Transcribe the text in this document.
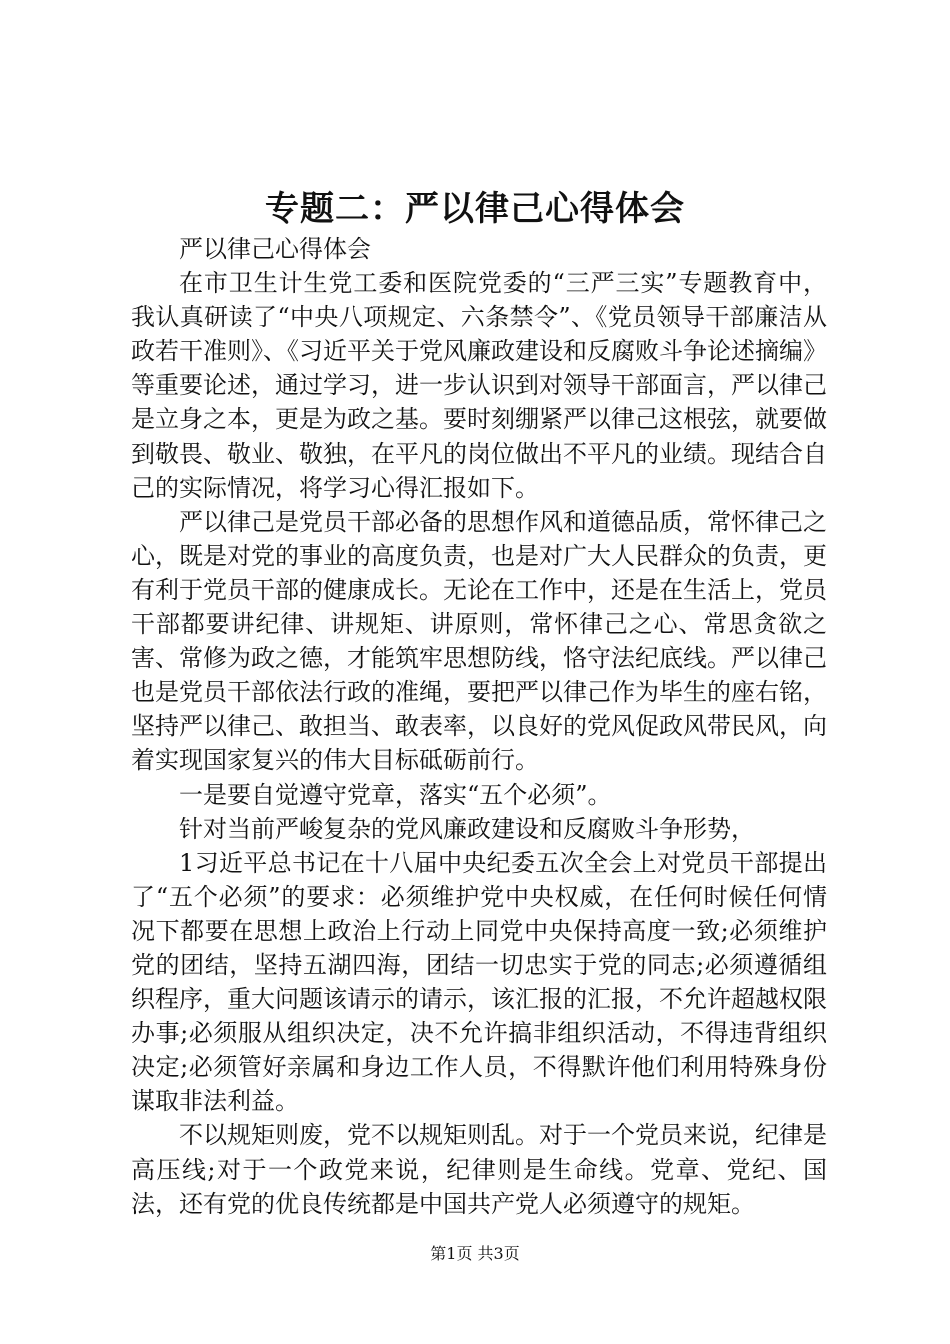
专题二：严以律己心得体会

严以律己心得体会

在市卫生计生党工委和医院党委的“三严三实”专题教育中，我认真研读了“中央八项规定、六条禁令”、《党员领导干部廉洁从政若干准则》、《习近平关于党风廉政建设和反腐败斗争论述摘编》等重要论述，通过学习，进一步认识到对领导干部面言，严以律己是立身之本，更是为政之基。要时刻绷紧严以律己这根弦，就要做到敬畏、敬业、敬独，在平凡的岗位做出不平凡的业绩。现结合自己的实际情况，将学习心得汇报如下。

严以律己是党员干部必备的思想作风和道德品质，常怀律己之心，既是对党的事业的高度负责，也是对广大人民群众的负责，更有利于党员干部的健康成长。无论在工作中，还是在生活上，党员干部都要讲纪律、讲规矩、讲原则，常怀律己之心、常思贪欲之害、常修为政之德，才能筑牢思想防线，恪守法纪底线。严以律己也是党员干部依法行政的准绳，要把严以律己作为毕生的座右铭，坚持严以律己、敢担当、敢表率，以良好的党风促政风带民风，向着实现国家复兴的伟大目标砥砺前行。

一是要自觉遵守党章，落实“五个必须”。

针对当前严峻复杂的党风廉政建设和反腐败斗争形势，

1习近平总书记在十八届中央纪委五次全会上对党员干部提出了“五个必须”的要求：必须维护党中央权威，在任何时候任何情况下都要在思想上政治上行动上同党中央保持高度一致;必须维护党的团结，坚持五湖四海，团结一切忠实于党的同志;必须遵循组织程序，重大问题该请示的请示，该汇报的汇报，不允许超越权限办事;必须服从组织决定，决不允许搞非组织活动，不得违背组织决定;必须管好亲属和身边工作人员，不得默许他们利用特殊身份谋取非法利益。

不以规矩则废，党不以规矩则乱。对于一个党员来说，纪律是高压线;对于一个政党来说，纪律则是生命线。党章、党纪、国法，还有党的优良传统都是中国共产党人必须遵守的规矩。

第1页 共3页
